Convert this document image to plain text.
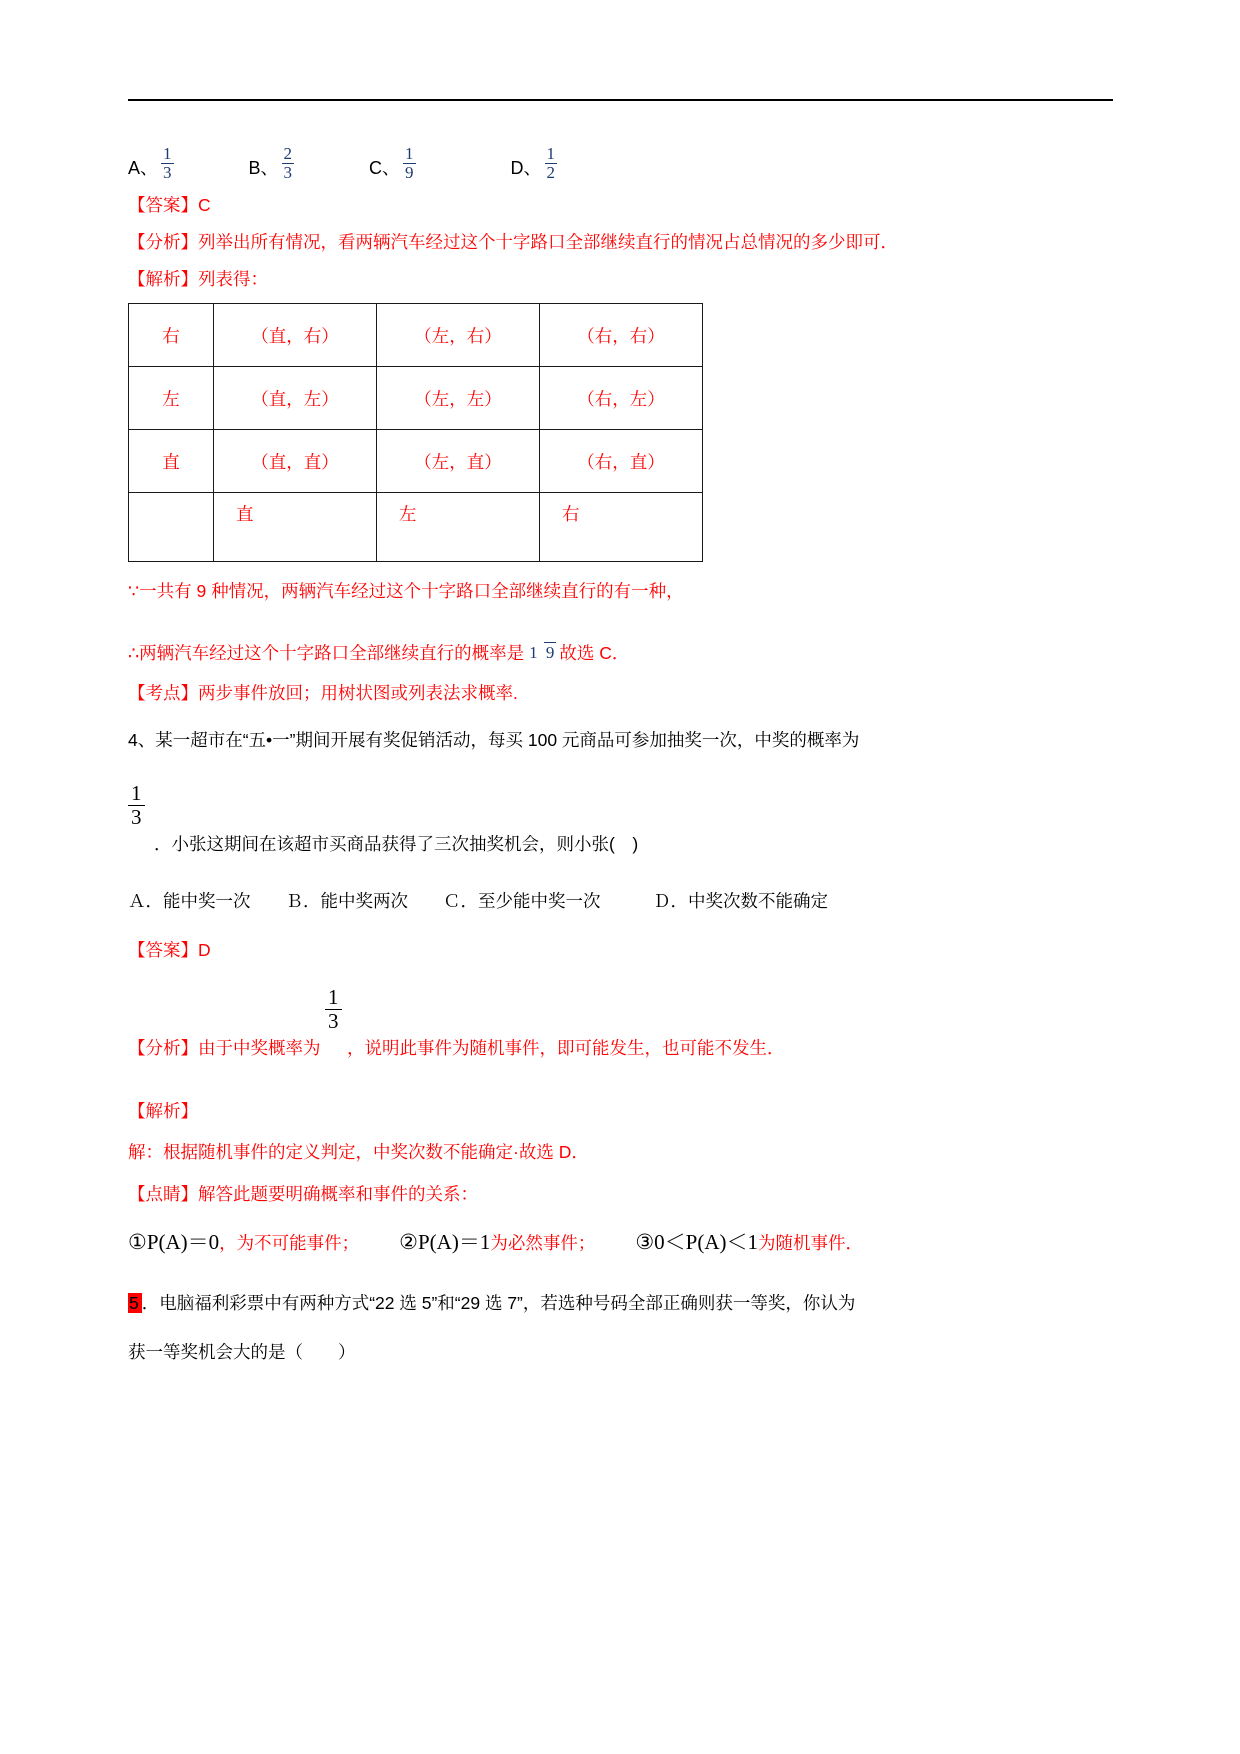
A、 $\frac{1}{3}$	B、 $\frac{2}{3}$	C、 $\frac{1}{9}$	D、 $\frac{1}{2}$
【答案】C
【分析】列举出所有情况，看两辆汽车经过这个十字路口全部继续直行的情况占总情况的多少即可．
【解析】列表得：
右	（直，右）	（左，右）	（右，右）
左	（直，左）	（左，左）	（右，左）
直	（直，直）	（左，直）	（右，直）
	直	左	右
∵一共有 9 种情况，两辆汽车经过这个十字路口全部继续直行的有一种，
∴两辆汽车经过这个十字路口全部继续直行的概率是 1 9 故选 C．
【考点】两步事件放回；用树状图或列表法求概率.
4、某一超市在“五•一”期间开展有奖促销活动，每买 100 元商品可参加抽奖一次，中奖的概率为
$\frac{1}{3}$
．小张这期间在该超市买商品获得了三次抽奖机会，则小张(　)
Ａ．能中奖一次　　Ｂ．能中奖两次　　Ｃ．至少能中奖一次　　　Ｄ．中奖次数不能确定
【答案】D
【分析】由于中奖概率为
$\frac{1}{3}$
，说明此事件为随机事件，即可能发生，也可能不发生．
【解析】
解：根据随机事件的定义判定，中奖次数不能确定·故选 D．
【点睛】解答此题要明确概率和事件的关系：
①P(A)＝0 ，为不可能事件； ②P(A)＝1 为必然事件； ③0＜P(A)＜1 为随机事件．
5 ．电脑福利彩票中有两种方式“22 选 5”和“29 选 7”，若选种号码全部正确则获一等奖，你认为
获一等奖机会大的是（　　）
